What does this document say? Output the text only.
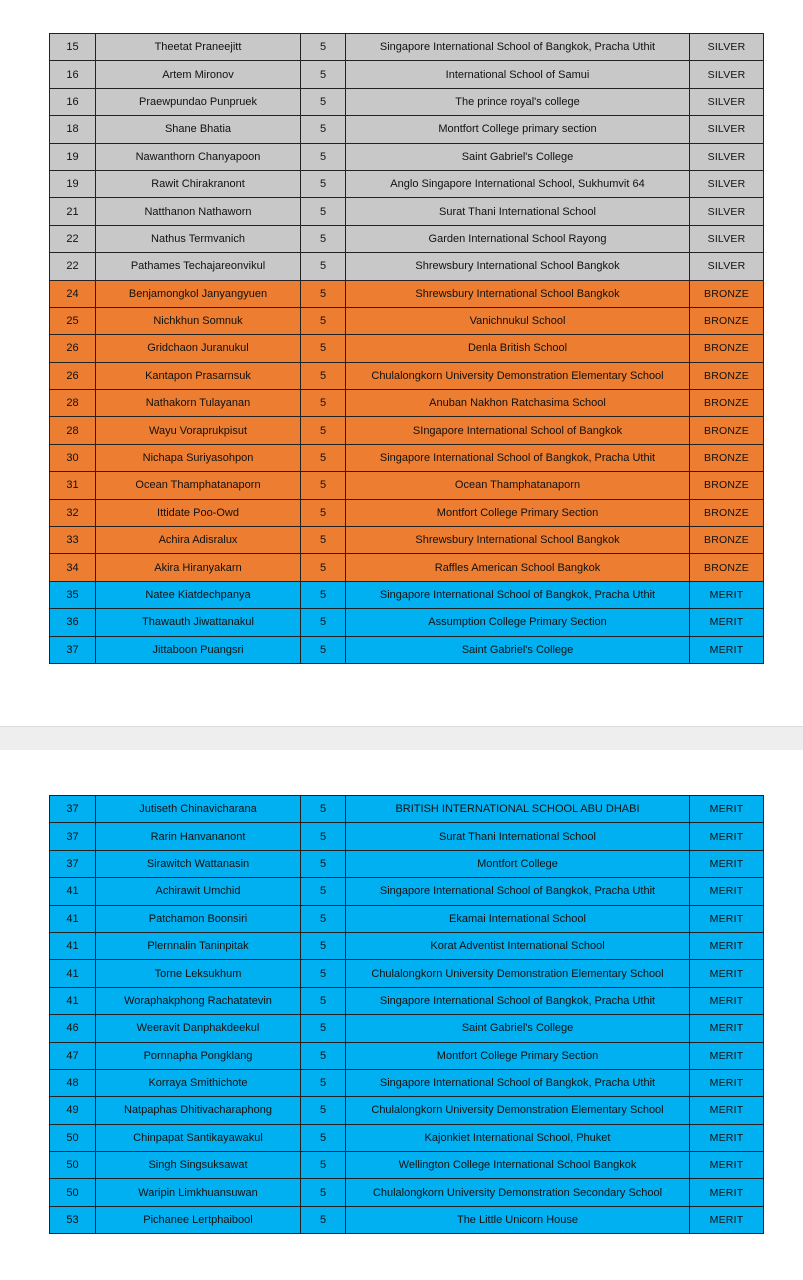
15	Theetat Praneejitt	5	Singapore International School of Bangkok, Pracha Uthit	SILVER
16	Artem Mironov	5	International School of Samui	SILVER
16	Praewpundao Punpruek	5	The prince royal's college	SILVER
18	Shane Bhatia	5	Montfort College primary section	SILVER
19	Nawanthorn Chanyapoon	5	Saint Gabriel's College	SILVER
19	Rawit Chirakranont	5	Anglo Singapore International School, Sukhumvit 64	SILVER
21	Natthanon Nathaworn	5	Surat Thani International School	SILVER
22	Nathus Termvanich	5	Garden International School Rayong	SILVER
22	Pathames Techajareonvikul	5	Shrewsbury International School Bangkok	SILVER
24	Benjamongkol Janyangyuen	5	Shrewsbury International School Bangkok	BRONZE
25	Nichkhun Somnuk	5	Vanichnukul School	BRONZE
26	Gridchaon Juranukul	5	Denla British School	BRONZE
26	Kantapon Prasarnsuk	5	Chulalongkorn University Demonstration Elementary School	BRONZE
28	Nathakorn Tulayanan	5	Anuban Nakhon Ratchasima School	BRONZE
28	Wayu Voraprukpisut	5	SIngapore International School of Bangkok	BRONZE
30	Nichapa Suriyasohpon	5	Singapore International School of Bangkok, Pracha Uthit	BRONZE
31	Ocean Thamphatanaporn	5	Ocean Thamphatanaporn	BRONZE
32	Ittidate Poo-Owd	5	Montfort College Primary Section	BRONZE
33	Achira Adisralux	5	Shrewsbury International School Bangkok	BRONZE
34	Akira Hiranyakarn	5	Raffles American School Bangkok	BRONZE
35	Natee Kiatdechpanya	5	Singapore International School of Bangkok, Pracha Uthit	MERIT
36	Thawauth Jiwattanakul	5	Assumption College Primary Section	MERIT
37	Jittaboon Puangsri	5	Saint Gabriel's College	MERIT
37	Jutiseth Chinavicharana	5	BRITISH INTERNATIONAL SCHOOL ABU DHABI	MERIT
37	Rarin Hanvananont	5	Surat Thani International School	MERIT
37	Sirawitch Wattanasin	5	Montfort College	MERIT
41	Achirawit Umchid	5	Singapore International School of Bangkok, Pracha Uthit	MERIT
41	Patchamon Boonsiri	5	Ekamai International School	MERIT
41	Plernnalin Taninpitak	5	Korat Adventist International School	MERIT
41	Torne Leksukhum	5	Chulalongkorn University Demonstration Elementary School	MERIT
41	Woraphakphong Rachatatevin	5	Singapore International School of Bangkok, Pracha Uthit	MERIT
46	Weeravit Danphakdeekul	5	Saint Gabriel's College	MERIT
47	Pornnapha Pongklang	5	Montfort College Primary Section	MERIT
48	Korraya Smithichote	5	Singapore International School of Bangkok, Pracha Uthit	MERIT
49	Natpaphas Dhitivacharaphong	5	Chulalongkorn University Demonstration Elementary School	MERIT
50	Chinpapat Santikayawakul	5	Kajonkiet International School, Phuket	MERIT
50	Singh Singsuksawat	5	Wellington College International School Bangkok	MERIT
50	Waripin Limkhuansuwan	5	Chulalongkorn University Demonstration Secondary School	MERIT
53	Pichanee Lertphaibool	5	The Little Unicorn House	MERIT
